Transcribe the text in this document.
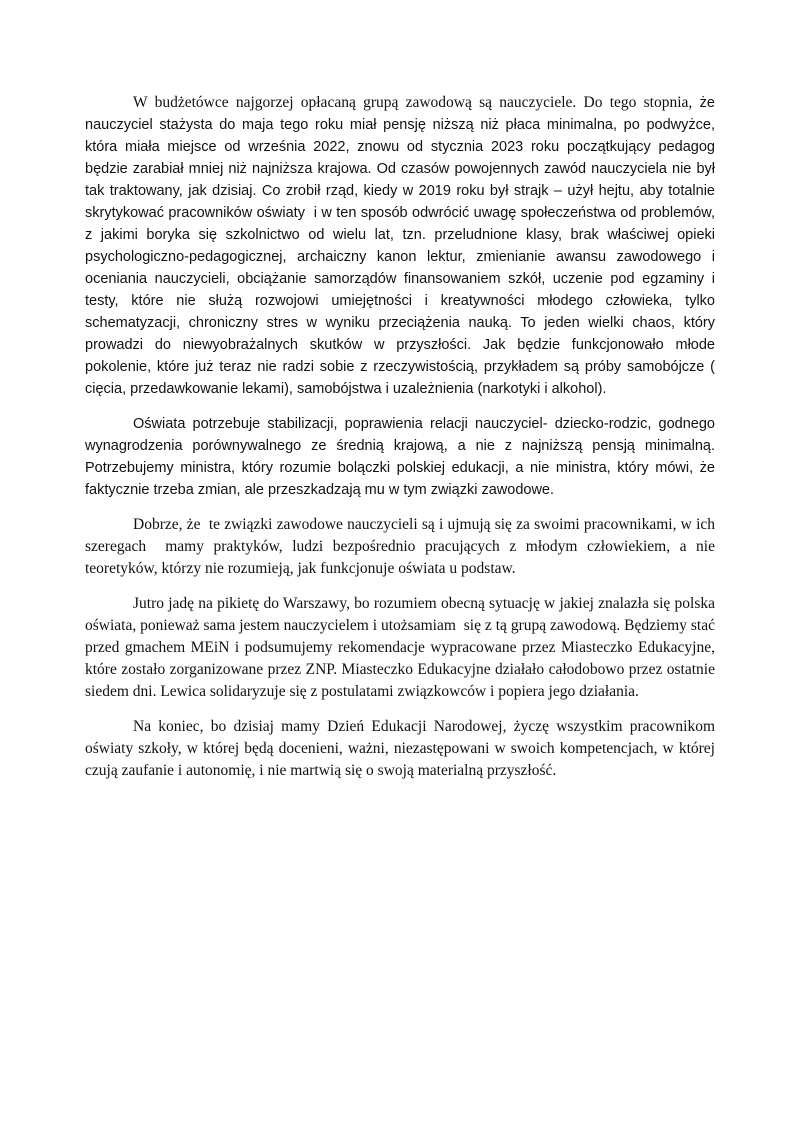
W budżetówce najgorzej opłacaną grupą zawodową są nauczyciele. Do tego stopnia, że nauczyciel stażysta do maja tego roku miał pensję niższą niż płaca minimalna, po podwyżce, która miała miejsce od września 2022, znowu od stycznia 2023 roku początkujący pedagog będzie zarabiał mniej niż najniższa krajowa. Od czasów powojennych zawód nauczyciela nie był tak traktowany, jak dzisiaj. Co zrobił rząd, kiedy w 2019 roku był strajk – użył hejtu, aby totalnie skrytykować pracowników oświaty  i w ten sposób odwrócić uwagę społeczeństwa od problemów, z jakimi boryka się szkolnictwo od wielu lat, tzn. przeludnione klasy, brak właściwej opieki psychologiczno-pedagogicznej, archaiczny kanon lektur, zmienianie awansu zawodowego i oceniania nauczycieli, obciążanie samorządów finansowaniem szkół, uczenie pod egzaminy i testy, które nie służą rozwojowi umiejętności i kreatywności młodego człowieka, tylko schematyzacji, chroniczny stres w wyniku przeciążenia nauką. To jeden wielki chaos, który prowadzi do niewyobrażalnych skutków w przyszłości. Jak będzie funkcjonowało młode pokolenie, które już teraz nie radzi sobie z rzeczywistością, przykładem są próby samobójcze ( cięcia, przedawkowanie lekami), samobójstwa i uzależnienia (narkotyki i alkohol).

Oświata potrzebuje stabilizacji, poprawienia relacji nauczyciel- dziecko-rodzic, godnego wynagrodzenia porównywalnego ze średnią krajową, a nie z najniższą pensją minimalną. Potrzebujemy ministra, który rozumie bolączki polskiej edukacji, a nie ministra, który mówi, że faktycznie trzeba zmian, ale przeszkadzają mu w tym związki zawodowe.

Dobrze, że  te związki zawodowe nauczycieli są i ujmują się za swoimi pracownikami, w ich szeregach  mamy praktyków, ludzi bezpośrednio pracujących z młodym człowiekiem, a nie teoretyków, którzy nie rozumieją, jak funkcjonuje oświata u podstaw.

Jutro jadę na pikietę do Warszawy, bo rozumiem obecną sytuację w jakiej znalazła się polska oświata, ponieważ sama jestem nauczycielem i utożsamiam  się z tą grupą zawodową. Będziemy stać przed gmachem MEiN i podsumujemy rekomendacje wypracowane przez Miasteczko Edukacyjne, które zostało zorganizowane przez ZNP. Miasteczko Edukacyjne działało całodobowo przez ostatnie siedem dni. Lewica solidaryzuje się z postulatami związkowców i popiera jego działania.

Na koniec, bo dzisiaj mamy Dzień Edukacji Narodowej, życzę wszystkim pracownikom oświaty szkoły, w której będą docenieni, ważni, niezastępowani w swoich kompetencjach, w której czują zaufanie i autonomię, i nie martwią się o swoją materialną przyszłość.
